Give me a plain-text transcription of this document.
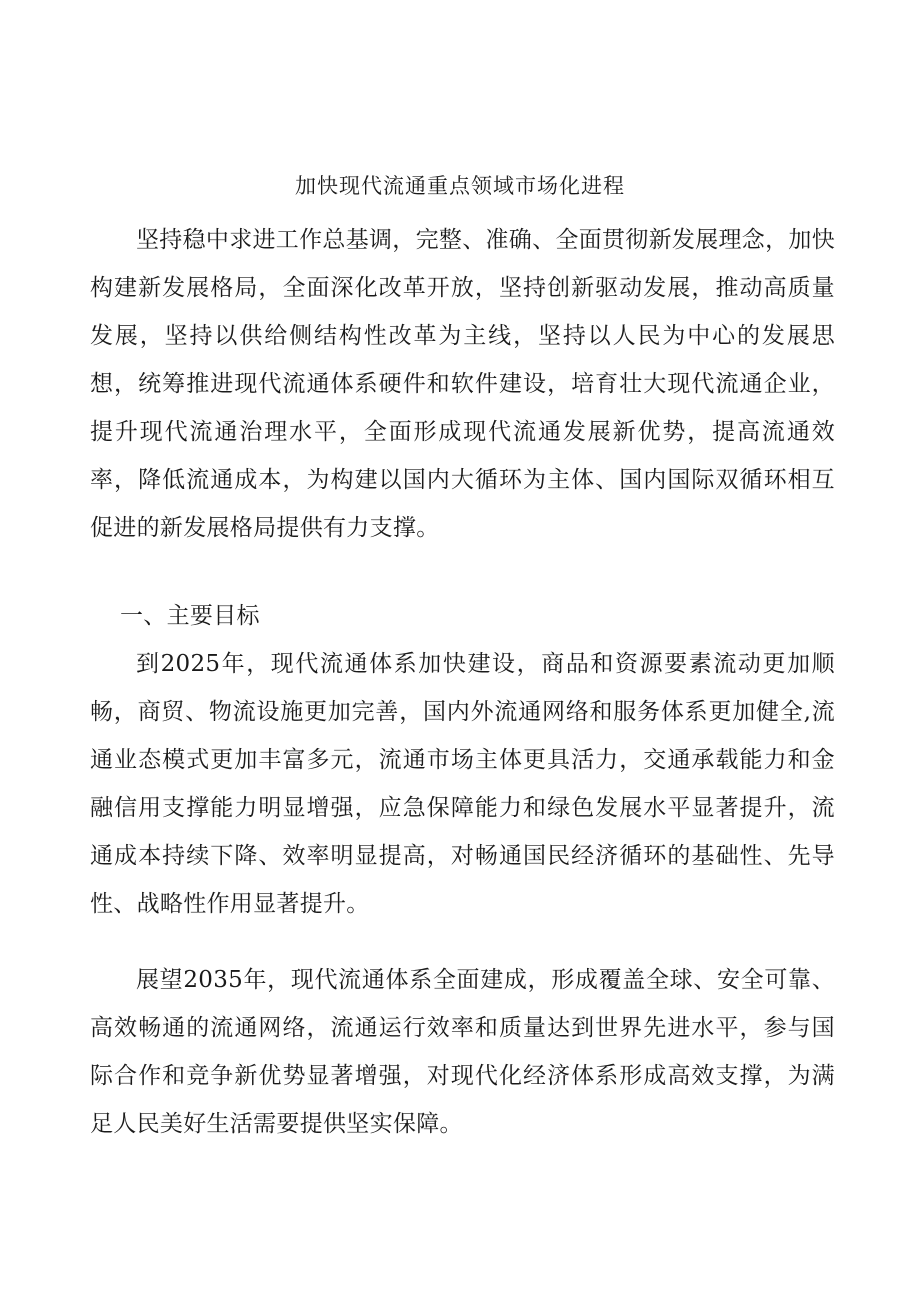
加快现代流通重点领域市场化进程

坚持稳中求进工作总基调，完整、准确、全面贯彻新发展理念，加快构建新发展格局，全面深化改革开放，坚持创新驱动发展，推动高质量发展，坚持以供给侧结构性改革为主线，坚持以人民为中心的发展思想，统筹推进现代流通体系硬件和软件建设，培育壮大现代流通企业，提升现代流通治理水平，全面形成现代流通发展新优势，提高流通效率，降低流通成本，为构建以国内大循环为主体、国内国际双循环相互促进的新发展格局提供有力支撑。

一、主要目标

到2025年，现代流通体系加快建设，商品和资源要素流动更加顺畅，商贸、物流设施更加完善，国内外流通网络和服务体系更加健全,流通业态模式更加丰富多元，流通市场主体更具活力，交通承载能力和金融信用支撑能力明显增强，应急保障能力和绿色发展水平显著提升，流通成本持续下降、效率明显提高，对畅通国民经济循环的基础性、先导性、战略性作用显著提升。

展望2035年，现代流通体系全面建成，形成覆盖全球、安全可靠、高效畅通的流通网络，流通运行效率和质量达到世界先进水平，参与国际合作和竞争新优势显著增强，对现代化经济体系形成高效支撑，为满足人民美好生活需要提供坚实保障。
